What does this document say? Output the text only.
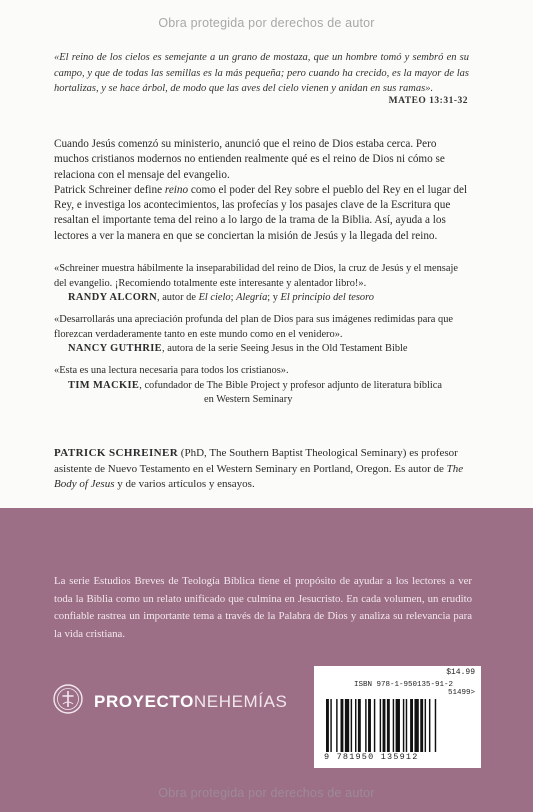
Obra protegida por derechos de autor
«El reino de los cielos es semejante a un grano de mostaza, que un hombre tomó y sembró en su campo, y que de todas las semillas es la más pequeña; pero cuando ha crecido, es la mayor de las hortalizas, y se hace árbol, de modo que las aves del cielo vienen y anidan en sus ramas».
MATEO 13:31-32

Cuando Jesús comenzó su ministerio, anunció que el reino de Dios estaba cerca. Pero muchos cristianos modernos no entienden realmente qué es el reino de Dios ni cómo se relaciona con el mensaje del evangelio.

Patrick Schreiner define reino como el poder del Rey sobre el pueblo del Rey en el lugar del Rey, e investiga los acontecimientos, las profecías y los pasajes clave de la Escritura que resaltan el importante tema del reino a lo largo de la trama de la Biblia. Así, ayuda a los lectores a ver la manera en que se conciertan la misión de Jesús y la llegada del reino.

«Schreiner muestra hábilmente la inseparabilidad del reino de Dios, la cruz de Jesús y el mensaje del evangelio. ¡Recomiendo totalmente este interesante y alentador libro!».

RANDY ALCORN, autor de El cielo; Alegría; y El principio del tesoro

«Desarrollarás una apreciación profunda del plan de Dios para sus imágenes redimidas para que florezcan verdaderamente tanto en este mundo como en el venidero».

NANCY GUTHRIE, autora de la serie Seeing Jesus in the Old Testament Bible

«Esta es una lectura necesaria para todos los cristianos».

TIM MACKIE, cofundador de The Bible Project y profesor adjunto de literatura bíblica

en Western Seminary

PATRICK SCHREINER (PhD, The Southern Baptist Theological Seminary) es profesor asistente de Nuevo Testamento en el Western Seminary en Portland, Oregon. Es autor de The Body of Jesus y de varios artículos y ensayos.

La serie Estudios Breves de Teología Bíblica tiene el propósito de ayudar a los lectores a ver toda la Biblia como un relato unificado que culmina en Jesucristo. En cada volumen, un erudito confiable rastrea un importante tema a través de la Palabra de Dios y analiza su relevancia para la vida cristiana.
PROYECTONEHEMÍAS
$14.99
ISBN 978-1-950135-91-2
51499>
9 781950 135912
Obra protegida por derechos de autor
